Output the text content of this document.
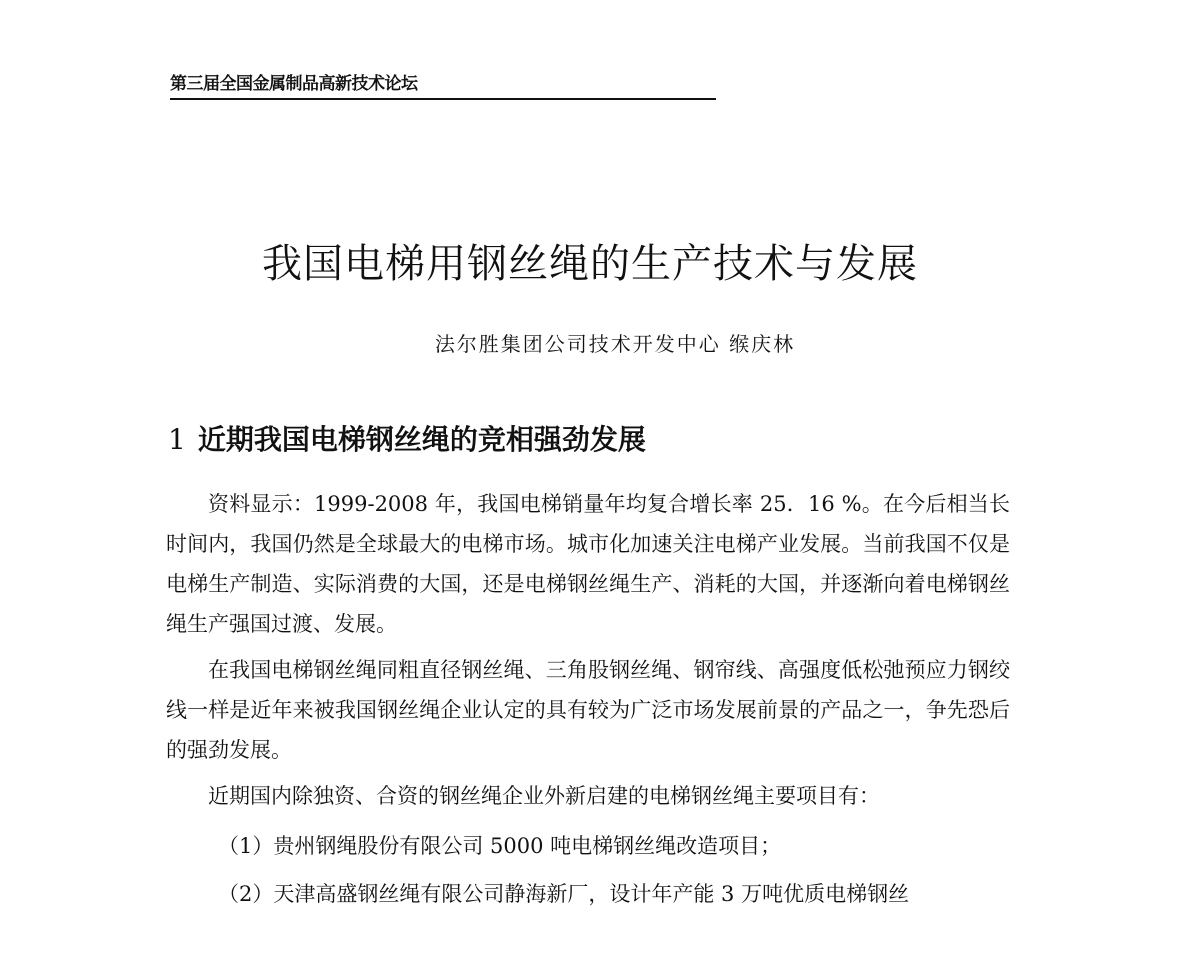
第三届全国金属制品高新技术论坛
我国电梯用钢丝绳的生产技术与发展
法尔胜集团公司技术开发中心 缑庆林
1 近期我国电梯钢丝绳的竞相强劲发展

资料显示：1999-2008 年，我国电梯销量年均复合增长率 25．16 %。在今后相当长时间内，我国仍然是全球最大的电梯市场。城市化加速关注电梯产业发展。当前我国不仅是电梯生产制造、实际消费的大国，还是电梯钢丝绳生产、消耗的大国，并逐渐向着电梯钢丝绳生产强国过渡、发展。

在我国电梯钢丝绳同粗直径钢丝绳、三角股钢丝绳、钢帘线、高强度低松弛预应力钢绞线一样是近年来被我国钢丝绳企业认定的具有较为广泛市场发展前景的产品之一，争先恐后的强劲发展。

近期国内除独资、合资的钢丝绳企业外新启建的电梯钢丝绳主要项目有：

（1）贵州钢绳股份有限公司 5000 吨电梯钢丝绳改造项目；

（2）天津高盛钢丝绳有限公司静海新厂，设计年产能 3 万吨优质电梯钢丝
